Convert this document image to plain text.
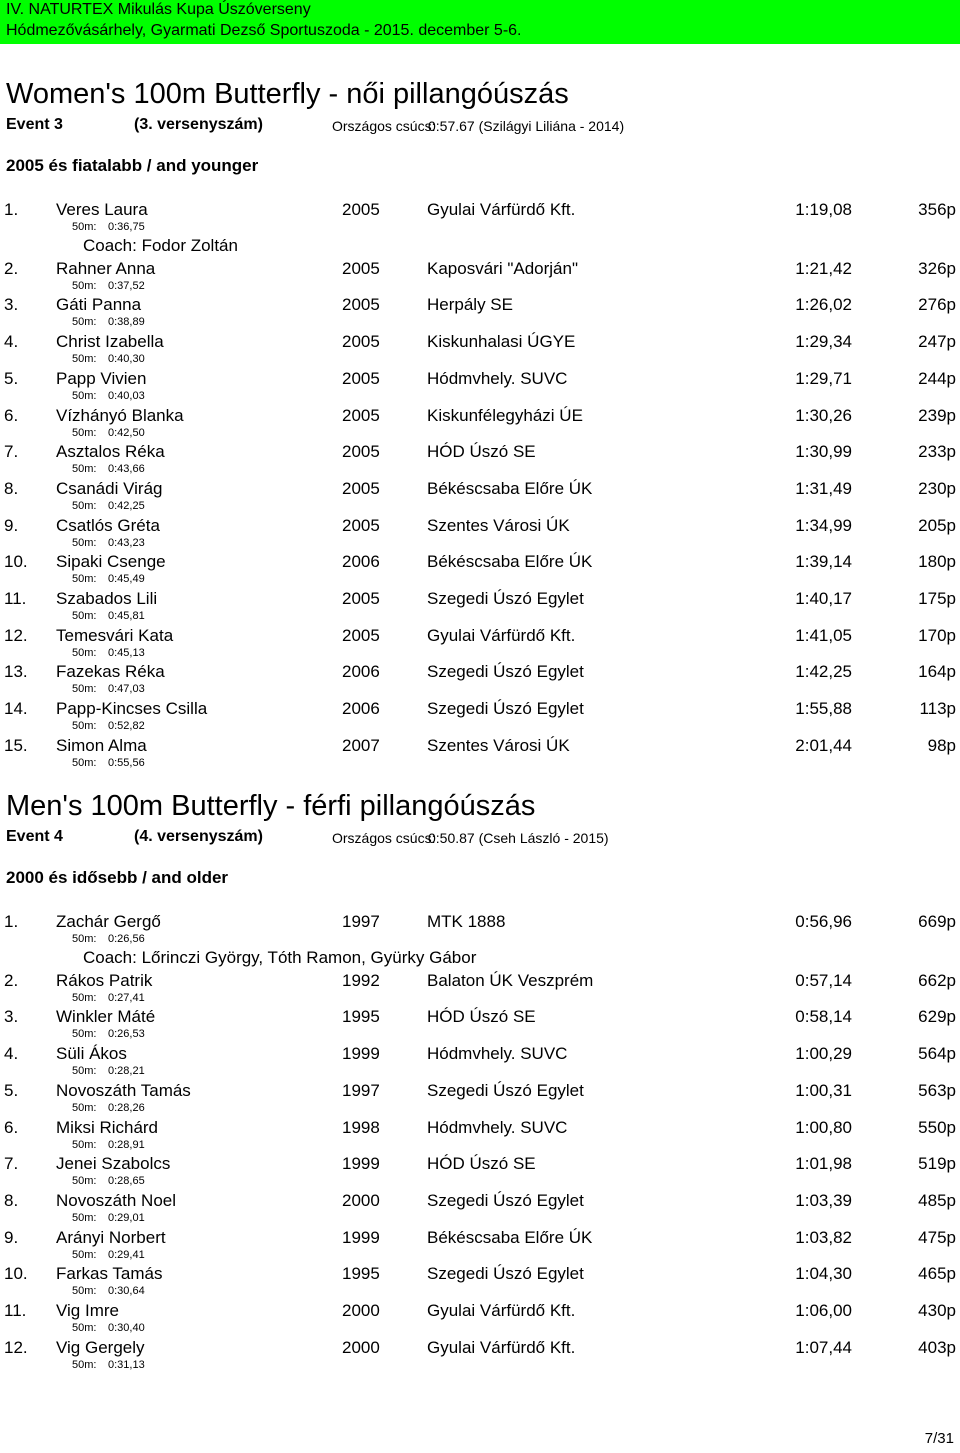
IV. NATURTEX Mikulás Kupa Úszóverseny
Hódmezővásárhely, Gyarmati Dezső Sportuszoda - 2015. december 5-6.
Women's 100m Butterfly - női pillangóúszás
Event 3	(3. versenyszám)	Országos csúcs:
0:57.67 (Szilágyi Liliána - 2014)
2005 és fiatalabb / and younger
1. Veres Laura	2005	Gyulai Várfürdő Kft.	1:19,08	356p
50m: 0:36,75
Coach: Fodor Zoltán
2. Rahner Anna	2005	Kaposvári "Adorján"	1:21,42	326p
50m: 0:37,52
3. Gáti Panna	2005	Herpály SE	1:26,02	276p
50m: 0:38,89
4. Christ Izabella	2005	Kiskunhalasi ÚGYE	1:29,34	247p
50m: 0:40,30
5. Papp Vivien	2005	Hódmvhely. SUVC	1:29,71	244p
50m: 0:40,03
6. Vízhányó Blanka	2005	Kiskunfélegyházi ÚE	1:30,26	239p
50m: 0:42,50
7. Asztalos Réka	2005	HÓD Úszó SE	1:30,99	233p
50m: 0:43,66
8. Csanádi Virág	2005	Békéscsaba Előre ÚK	1:31,49	230p
50m: 0:42,25
9. Csatlós Gréta	2005	Szentes Városi ÚK	1:34,99	205p
50m: 0:43,23
10. Sipaki Csenge	2006	Békéscsaba Előre ÚK	1:39,14	180p
50m: 0:45,49
11. Szabados Lili	2005	Szegedi Úszó Egylet	1:40,17	175p
50m: 0:45,81
12. Temesvári Kata	2005	Gyulai Várfürdő Kft.	1:41,05	170p
50m: 0:45,13
13. Fazekas Réka	2006	Szegedi Úszó Egylet	1:42,25	164p
50m: 0:47,03
14. Papp-Kincses Csilla	2006	Szegedi Úszó Egylet	1:55,88	113p
50m: 0:52,82
15. Simon Alma	2007	Szentes Városi ÚK	2:01,44	98p
50m: 0:55,56
Men's 100m Butterfly - férfi pillangóúszás
Event 4	(4. versenyszám)	Országos csúcs:
0:50.87 (Cseh László - 2015)
2000 és idősebb / and older
1. Zachár Gergő	1997	MTK 1888	0:56,96	669p
50m: 0:26,56
Coach: Lőrinczi György, Tóth Ramon, Gyürky Gábor
2. Rákos Patrik	1992	Balaton ÚK Veszprém	0:57,14	662p
50m: 0:27,41
3. Winkler Máté	1995	HÓD Úszó SE	0:58,14	629p
50m: 0:26,53
4. Süli Ákos	1999	Hódmvhely. SUVC	1:00,29	564p
50m: 0:28,21
5. Novoszáth Tamás	1997	Szegedi Úszó Egylet	1:00,31	563p
50m: 0:28,26
6. Miksi Richárd	1998	Hódmvhely. SUVC	1:00,80	550p
50m: 0:28,91
7. Jenei Szabolcs	1999	HÓD Úszó SE	1:01,98	519p
50m: 0:28,65
8. Novoszáth Noel	2000	Szegedi Úszó Egylet	1:03,39	485p
50m: 0:29,01
9. Arányi Norbert	1999	Békéscsaba Előre ÚK	1:03,82	475p
50m: 0:29,41
10. Farkas Tamás	1995	Szegedi Úszó Egylet	1:04,30	465p
50m: 0:30,64
11. Vig Imre	2000	Gyulai Várfürdő Kft.	1:06,00	430p
50m: 0:30,40
12. Vig Gergely	2000	Gyulai Várfürdő Kft.	1:07,44	403p
50m: 0:31,13
7/31
